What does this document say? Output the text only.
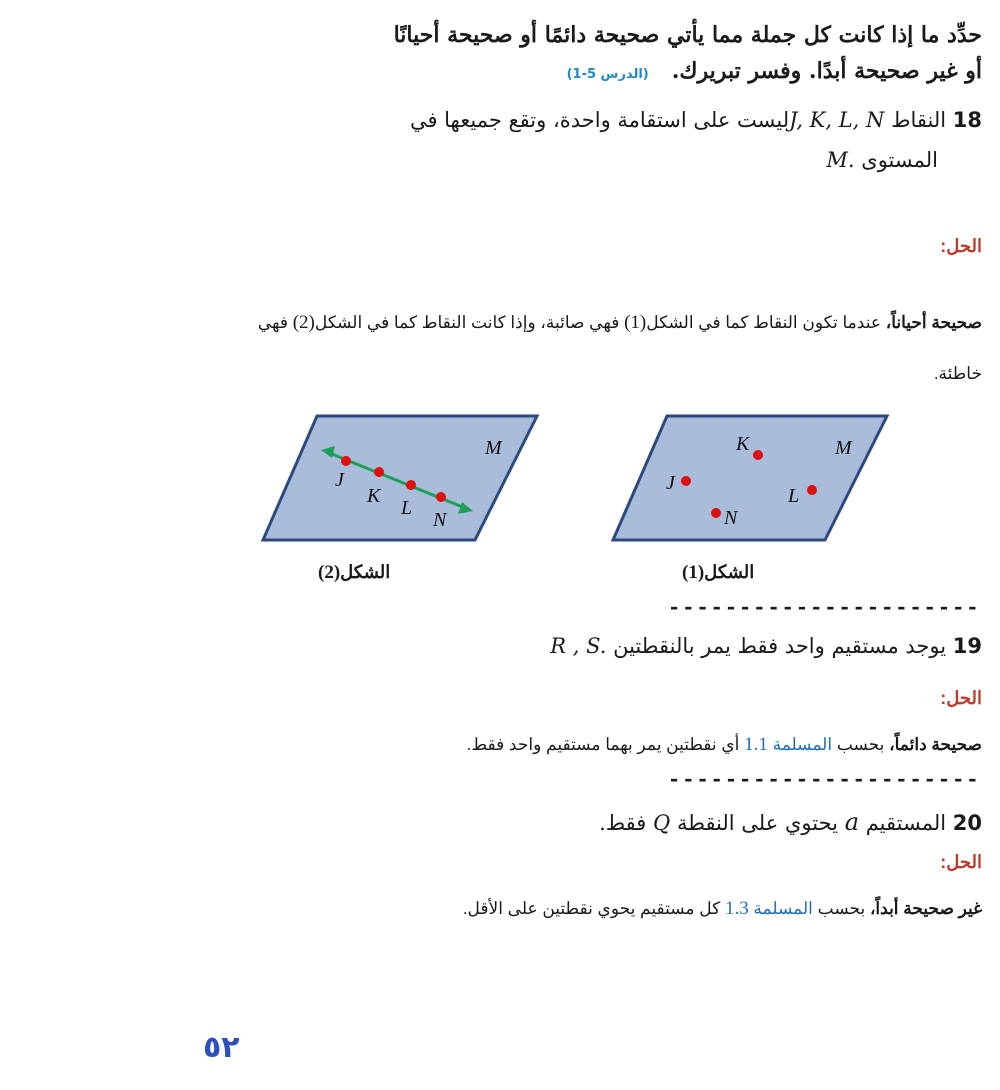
حدِّد ما إذا كانت كل جملة مما يأتي صحيحة دائمًا أو صحيحة أحيانًا
أو غير صحيحة أبدًا. وفسر تبريرك.   (الدرس 5-1)
18 النقاط J, K, L, Nليست على استقامة واحدة، وتقع جميعها في
المستوى M.
الحل:
صحيحة أحياناً، عندما تكون النقاط كما في الشكل(1) فهي صائبة، وإذا كانت النقاط كما في الشكل(2) فهي
خاطئة.
M
J
K
L
N
M
K
J
L
N
الشكل(2)	الشكل(1)
----------------------
19 يوجد مستقيم واحد فقط يمر بالنقطتين R , S.
الحل:
صحيحة دائماً، بحسب المسلمة 1.1 أي نقطتين يمر بهما مستقيم واحد فقط.
----------------------
20 المستقيم a يحتوي على النقطة Q فقط.
الحل:
غير صحيحة أبداً، بحسب المسلمة 1.3 كل مستقيم يحوي نقطتين على الأقل.
٥٢
